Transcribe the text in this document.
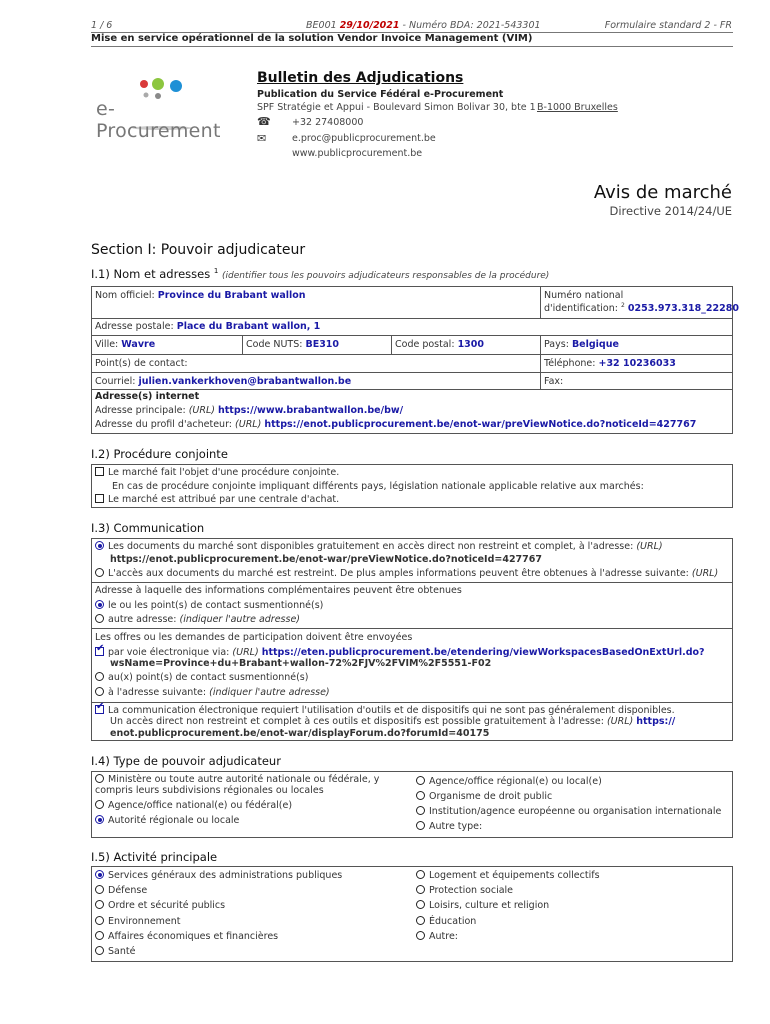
1 / 6	BE001 29/10/2021 - Numéro BDA: 2021-543301	Formulaire standard 2 - FR
Mise en service opérationnel de la solution Vendor Invoice Management (VIM)
e-Procurement
Bulletin des Adjudications
Publication du Service Fédéral e-Procurement
SPF Stratégie et Appui - Boulevard Simon Bolivar 30, bte 1 B-1000 Bruxelles
☎ +32 27408000
✉	e.proc@publicprocurement.be
www.publicprocurement.be
Avis de marché
Directive 2014/24/UE
Section I: Pouvoir adjudicateur
I.1) Nom et adresses $^1$ (identifier tous les pouvoirs adjudicateurs responsables de la procédure)
Nom officiel: Province du Brabant wallon	Numéro national
d'identification: $^2$ 0253.973.318_22280
Adresse postale: Place du Brabant wallon, 1
Ville: Wavre	Code NUTS: BE310	Code postal: 1300	Pays: Belgique
Point(s) de contact:	Téléphone: +32 10236033
Courriel: julien.vankerkhoven@brabantwallon.be	Fax:
Adresse(s) internet
Adresse principale: (URL) https://www.brabantwallon.be/bw/
Adresse du profil d'acheteur: (URL) https://enot.publicprocurement.be/enot-war/preViewNotice.do?noticeId=427767
I.2) Procédure conjointe
Le marché fait l'objet d'une procédure conjointe.
En cas de procédure conjointe impliquant différents pays, législation nationale applicable relative aux marchés:
Le marché est attribué par une centrale d'achat.
I.3) Communication
Les documents du marché sont disponibles gratuitement en accès direct non restreint et complet, à l'adresse: (URL)
https://enot.publicprocurement.be/enot-war/preViewNotice.do?noticeId=427767
L'accès aux documents du marché est restreint. De plus amples informations peuvent être obtenues à l'adresse suivante: (URL)
Adresse à laquelle des informations complémentaires peuvent être obtenues
le ou les point(s) de contact susmentionné(s)
autre adresse: (indiquer l'autre adresse)
Les offres ou les demandes de participation doivent être envoyées
✔par voie électronique via: (URL) https://eten.publicprocurement.be/etendering/viewWorkspacesBasedOnExtUrl.do?
wsName=Province+du+Brabant+wallon-72%2FJV%2FVIM%2F5551-F02
au(x) point(s) de contact susmentionné(s)
à l'adresse suivante: (indiquer l'autre adresse)
✔La communication électronique requiert l'utilisation d'outils et de dispositifs qui ne sont pas généralement disponibles.
Un accès direct non restreint et complet à ces outils et dispositifs est possible gratuitement à l'adresse: (URL) https://
enot.publicprocurement.be/enot-war/displayForum.do?forumId=40175
I.4) Type de pouvoir adjudicateur
Ministère ou toute autre autorité nationale ou fédérale, y compris leurs subdivisions régionales ou locales
Agence/office national(e) ou fédéral(e)
Autorité régionale ou locale
Agence/office régional(e) ou local(e)
Organisme de droit public
Institution/agence européenne ou organisation internationale
Autre type:
I.5) Activité principale
Services généraux des administrations publiques
Défense
Ordre et sécurité publics
Environnement
Affaires économiques et financières
Santé
Logement et équipements collectifs
Protection sociale
Loisirs, culture et religion
Éducation
Autre:
